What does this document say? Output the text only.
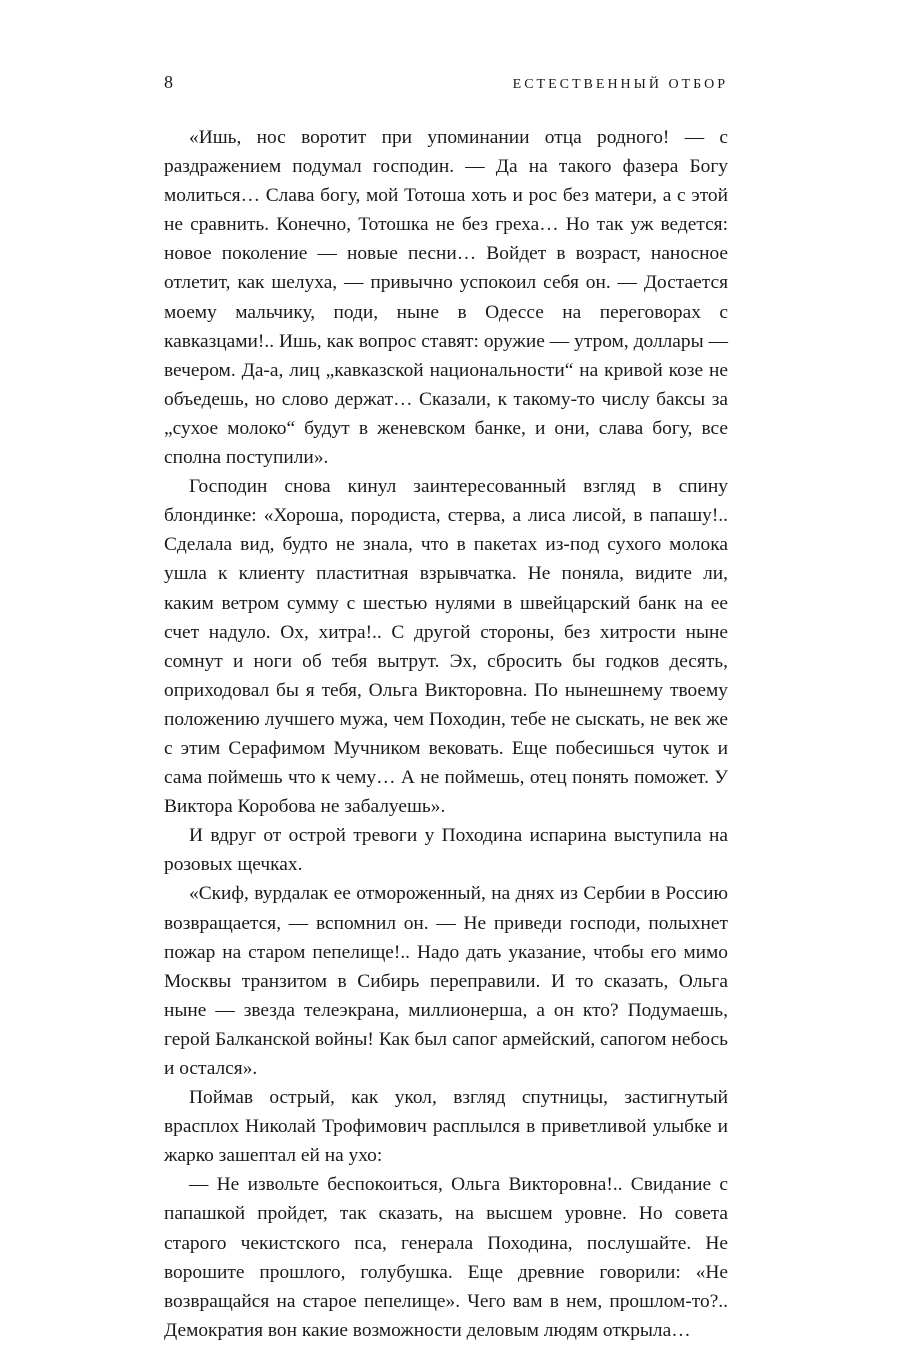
8	ЕСТЕСТВЕННЫЙ ОТБОР

«Ишь, нос воротит при упоминании отца родного! — с раздражением подумал господин. — Да на такого фазера Богу молиться… Слава богу, мой Тотоша хоть и рос без матери, а с этой не сравнить. Конечно, Тотошка не без греха… Но так уж ведется: новое поколение — новые песни… Войдет в возраст, наносное отлетит, как шелуха, — привычно успокоил себя он. — Достается моему мальчику, поди, ныне в Одессе на переговорах с кавказцами!.. Ишь, как вопрос ставят: оружие — утром, доллары — вечером. Да-а, лиц „кавказской национальности“ на кривой козе не объедешь, но слово держат… Сказали, к такому-то числу баксы за „сухое молоко“ будут в женевском банке, и они, слава богу, все сполна поступили».

Господин снова кинул заинтересованный взгляд в спину блондинке: «Хороша, породиста, стерва, а лиса лисой, в папашу!.. Сделала вид, будто не знала, что в пакетах из-под сухого молока ушла к клиенту пластитная взрывчатка. Не поняла, видите ли, каким ветром сумму с шестью нулями в швейцарский банк на ее счет надуло. Ох, хитра!.. С другой стороны, без хитрости ныне сомнут и ноги об тебя вытрут. Эх, сбросить бы годков десять, оприходовал бы я тебя, Ольга Викторовна. По нынешнему твоему положению лучшего мужа, чем Походин, тебе не сыскать, не век же с этим Серафимом Мучником вековать. Еще побесишься чуток и сама поймешь что к чему… А не поймешь, отец понять поможет. У Виктора Коробова не забалуешь».

И вдруг от острой тревоги у Походина испарина выступила на розовых щечках.

«Скиф, вурдалак ее отмороженный, на днях из Сербии в Россию возвращается, — вспомнил он. — Не приведи господи, полыхнет пожар на старом пепелище!.. Надо дать указание, чтобы его мимо Москвы транзитом в Сибирь переправили. И то сказать, Ольга ныне — звезда телеэкрана, миллионерша, а он кто? Подумаешь, герой Балканской войны! Как был сапог армейский, сапогом небось и остался».

Поймав острый, как укол, взгляд спутницы, застигнутый врасплох Николай Трофимович расплылся в приветливой улыбке и жарко зашептал ей на ухо:

— Не извольте беспокоиться, Ольга Викторовна!.. Свидание с папашкой пройдет, так сказать, на высшем уровне. Но совета старого чекистского пса, генерала Походина, послушайте. Не ворошите прошлого, голубушка. Еще древние говорили: «Не возвращайся на старое пепелище». Чего вам в нем, прошлом-то?.. Демократия вон какие возможности деловым людям открыла…
